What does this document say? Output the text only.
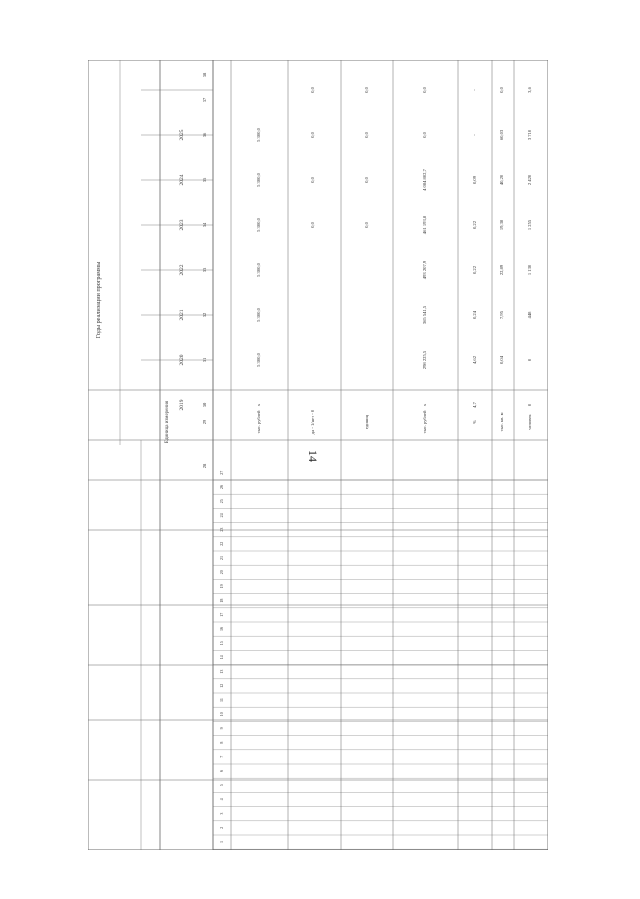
14
Годы реализации программы
Единица измерения 2019
2020
2021
2022
2023
2024
2025
28
29
30
31
32
33
34
35
36
37
38
1
2
3
4
5
6
7
8
9
10
11
12
13
14
15
16
17
18
19
20
21
22
23
24
25
26
27
тыс. рублей
х
5 300,0
5 300,0
5 300,0
5 300,0
5 300,0
5 300,0
да - 1/нет - 0
0,0
0,0
0,0
0,0
единиц
0,0
0,0
0,0
0,0
тыс. рублей
х
298 225,5
365 541,5
493 207,9
461 193,8
4 084 802,7
0,0
0,0
%
4,7
4,62
0,24
0,22
0,22
0,09
-
-
тыс. кв. м
0,04
7,95
22,89
19,38
40,20
60,03
0,0
человек
0
0
448
1 130
1 255
2 420
3 710
3,6
